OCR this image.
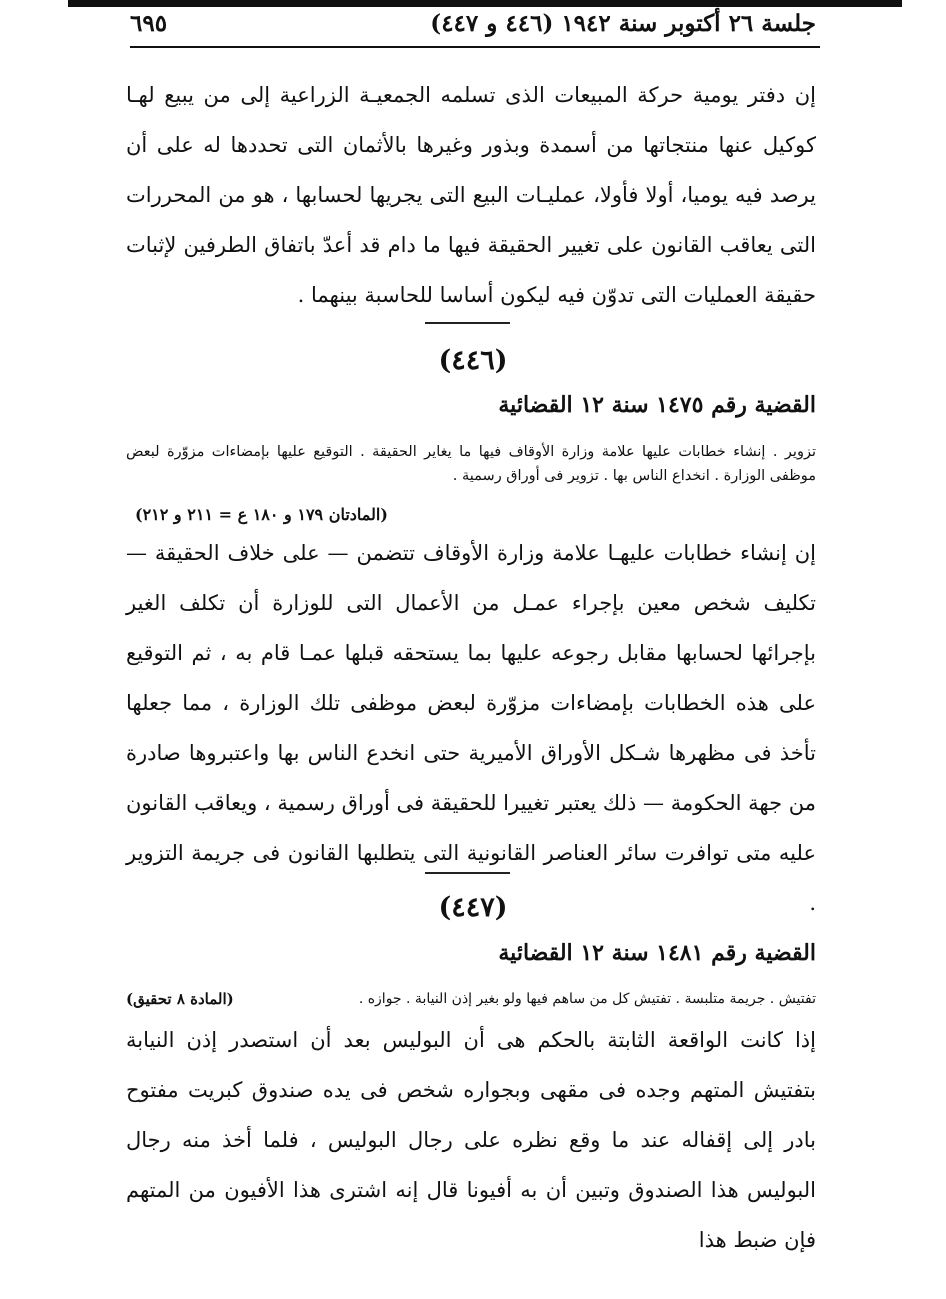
جلسة ٢٦ أكتوبر سنة ١٩٤٢ (٤٤٦ و ٤٤٧)
٦٩٥
إن دفتر يومية حركة المبيعات الذى تسلمه الجمعيـة الزراعية إلى من يبيع لهـا كوكيل عنها منتجاتها من أسمدة وبذور وغيرها بالأثمان التى تحددها له على أن يرصد فيه يوميا، أولا فأولا، عمليـات البيع التى يجريها لحسابها ، هو من المحررات التى يعاقب القانون على تغيير الحقيقة فيها ما دام قد أعدّ باتفاق الطرفين لإثبات حقيقة العمليات التى تدوّن فيه ليكون أساسا للحاسبة بينهما .
(٤٤٦)
القضية رقم ١٤٧٥ سنة ١٢ القضائية
تزوير . إنشاء خطابات عليها علامة وزارة الأوقاف فيها ما يغاير الحقيقة . التوقيع عليها بإمضاءات مزوّرة لبعض موظفى الوزارة . انخداع الناس بها . تزوير فى أوراق رسمية .
(المادتان ١٧٩ و ١٨٠ ع = ٢١١ و ٢١٢)
إن إنشاء خطابات عليهـا علامة وزارة الأوقاف تتضمن — على خلاف الحقيقة — تكليف شخص معين بإجراء عمـل من الأعمال التى للوزارة أن تكلف الغير بإجرائها لحسابها مقابل رجوعه عليها بما يستحقه قبلها عمـا قام به ، ثم التوقيع على هذه الخطابات بإمضاءات مزوّرة لبعض موظفى تلك الوزارة ، مما جعلها تأخذ فى مظهرها شـكل الأوراق الأميرية حتى انخدع الناس بها واعتبروها صادرة من جهة الحكومة — ذلك يعتبر تغييرا للحقيقة فى أوراق رسمية ، ويعاقب القانون عليه متى توافرت سائر العناصر القانونية التى يتطلبها القانون فى جريمة التزوير .
(٤٤٧)
القضية رقم ١٤٨١ سنة ١٢ القضائية
تفتيش . جريمة متلبسة . تفتيش كل من ساهم فيها ولو بغير إذن النيابة . جوازه .
(المادة ٨ تحقيق)
إذا كانت الواقعة الثابتة بالحكم هى أن البوليس بعد أن استصدر إذن النيابة بتفتيش المتهم وجده فى مقهى وبجواره شخص فى يده صندوق كبريت مفتوح بادر إلى إقفاله عند ما وقع نظره على رجال البوليس ، فلما أخذ منه رجال البوليس هذا الصندوق وتبين أن به أفيونا قال إنه اشترى هذا الأفيون من المتهم فإن ضبط هذا
